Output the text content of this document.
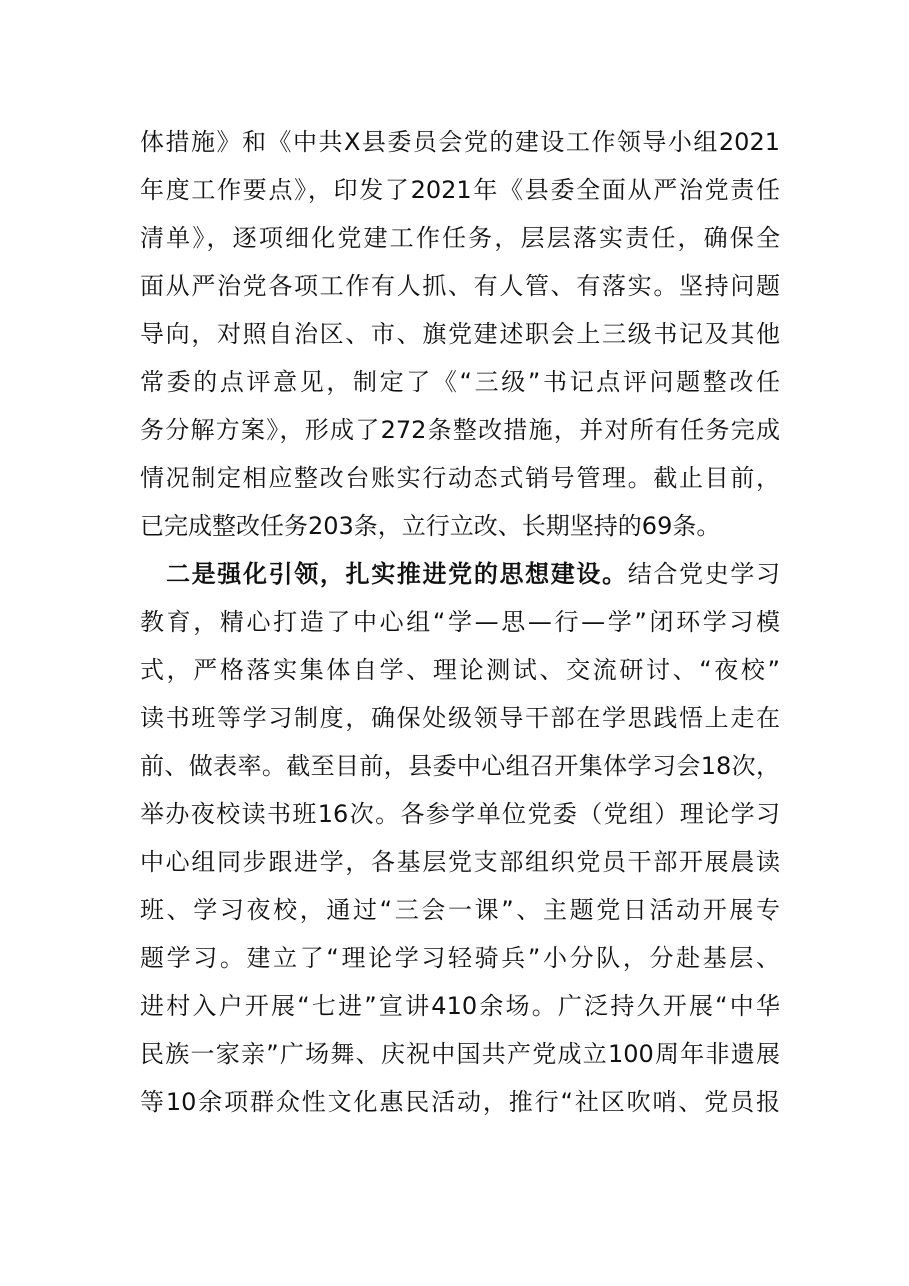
体措施》和《中共X县委员会党的建设工作领导小组2021
年度工作要点》，印发了2021年《县委全面从严治党责任
清单》，逐项细化党建工作任务，层层落实责任，确保全
面从严治党各项工作有人抓、有人管、有落实。坚持问题
导向，对照自治区、市、旗党建述职会上三级书记及其他
常委的点评意见，制定了《“三级”书记点评问题整改任
务分解方案》，形成了272条整改措施，并对所有任务完成
情况制定相应整改台账实行动态式销号管理。截止目前，
已完成整改任务203条，立行立改、长期坚持的69条。
二是强化引领，扎实推进党的思想建设。结合党史学习
教育，精心打造了中心组“学—思—行—学”闭环学习模
式，严格落实集体自学、理论测试、交流研讨、“夜校”
读书班等学习制度，确保处级领导干部在学思践悟上走在
前、做表率。截至目前，县委中心组召开集体学习会18次，
举办夜校读书班16次。各参学单位党委（党组）理论学习
中心组同步跟进学，各基层党支部组织党员干部开展晨读
班、学习夜校，通过“三会一课”、主题党日活动开展专
题学习。建立了“理论学习轻骑兵”小分队，分赴基层、
进村入户开展“七进”宣讲410余场。广泛持久开展“中华
民族一家亲”广场舞、庆祝中国共产党成立100周年非遗展
等10余项群众性文化惠民活动，推行“社区吹哨、党员报
